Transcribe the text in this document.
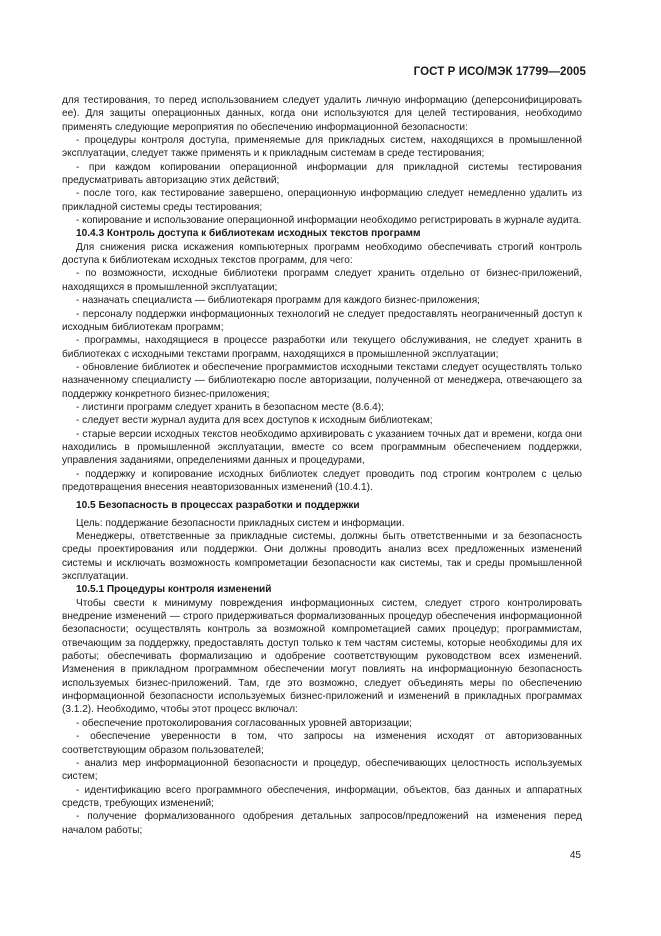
ГОСТ Р ИСО/МЭК 17799—2005

для тестирования, то перед использованием следует удалить личную информацию (деперсонифицировать ее). Для защиты операционных данных, когда они используются для целей тестирования, необходимо применять следующие мероприятия по обеспечению информационной безопасности:

- процедуры контроля доступа, применяемые для прикладных систем, находящихся в промышленной эксплуатации, следует также применять и к прикладным системам в среде тестирования;

- при каждом копировании операционной информации для прикладной системы тестирования предусматривать авторизацию этих действий;

- после того, как тестирование завершено, операционную информацию следует немедленно удалить из прикладной системы среды тестирования;

- копирование и использование операционной информации необходимо регистрировать в журнале аудита.

10.4.3 Контроль доступа к библиотекам исходных текстов программ

Для снижения риска искажения компьютерных программ необходимо обеспечивать строгий контроль доступа к библиотекам исходных текстов программ, для чего:

- по возможности, исходные библиотеки программ следует хранить отдельно от бизнес-приложений, находящихся в промышленной эксплуатации;

- назначать специалиста — библиотекаря программ для каждого бизнес-приложения;

- персоналу поддержки информационных технологий не следует предоставлять неограниченный доступ к исходным библиотекам программ;

- программы, находящиеся в процессе разработки или текущего обслуживания, не следует хранить в библиотеках с исходными текстами программ, находящихся в промышленной эксплуатации;

- обновление библиотек и обеспечение программистов исходными текстами следует осуществлять только назначенному специалисту — библиотекарю после авторизации, полученной от менеджера, отвечающего за поддержку конкретного бизнес-приложения;

- листинги программ следует хранить в безопасном месте (8.6.4);

- следует вести журнал аудита для всех доступов к исходным библиотекам;

- старые версии исходных текстов необходимо архивировать с указанием точных дат и времени, когда они находились в промышленной эксплуатации, вместе со всем программным обеспечением поддержки, управления заданиями, определениями данных и процедурами,

- поддержку и копирование исходных библиотек следует проводить под строгим контролем с целью предотвращения внесения неавторизованных изменений (10.4.1).

10.5 Безопасность в процессах разработки и поддержки

Цель: поддержание безопасности прикладных систем и информации.

Менеджеры, ответственные за прикладные системы, должны быть ответственными и за безопасность среды проектирования или поддержки. Они должны проводить анализ всех предложенных изменений системы и исключать возможность компрометации безопасности как системы, так и среды промышленной эксплуатации.

10.5.1 Процедуры контроля изменений

Чтобы свести к минимуму повреждения информационных систем, следует строго контролировать внедрение изменений — строго придерживаться формализованных процедур обеспечения информационной безопасности; осуществлять контроль за возможной компрометацией самих процедур; программистам, отвечающим за поддержку, предоставлять доступ только к тем частям системы, которые необходимы для их работы; обеспечивать формализацию и одобрение соответствующим руководством всех изменений. Изменения в прикладном программном обеспечении могут повлиять на информационную безопасность используемых бизнес-приложений. Там, где это возможно, следует объединять меры по обеспечению информационной безопасности используемых бизнес-приложений и изменений в прикладных программах (3.1.2). Необходимо, чтобы этот процесс включал:

- обеспечение протоколирования согласованных уровней авторизации;

- обеспечение уверенности в том, что запросы на изменения исходят от авторизованных соответствующим образом пользователей;

- анализ мер информационной безопасности и процедур, обеспечивающих целостность используемых систем;

- идентификацию всего программного обеспечения, информации, объектов, баз данных и аппаратных средств, требующих изменений;

- получение формализованного одобрения детальных запросов/предложений на изменения перед началом работы;

45
